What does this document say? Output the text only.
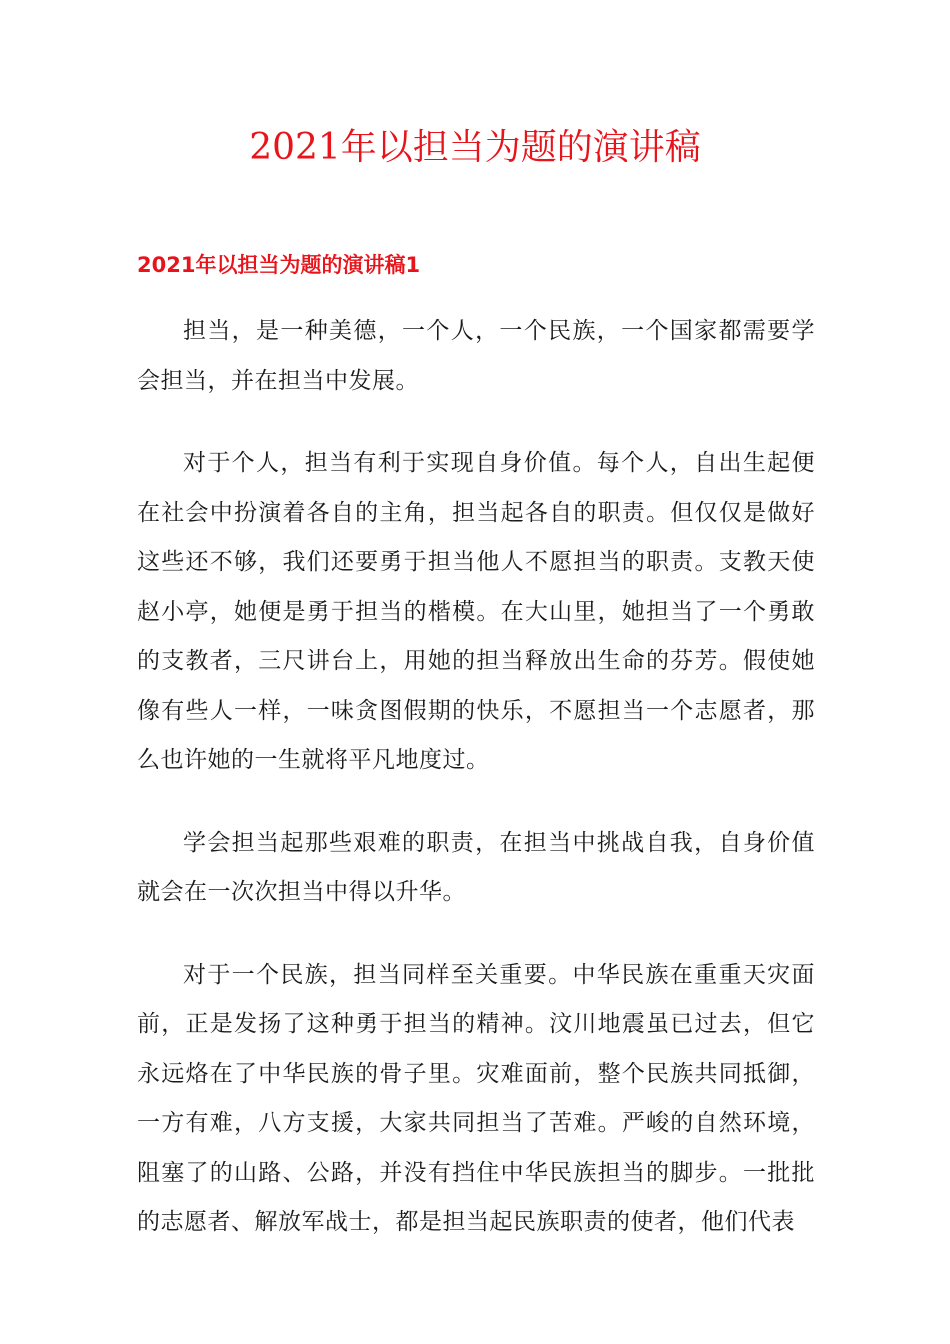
2021年以担当为题的演讲稿
2021年以担当为题的演讲稿1

担当，是一种美德，一个人，一个民族，一个国家都需要学会担当，并在担当中发展。

对于个人，担当有利于实现自身价值。每个人，自出生起便在社会中扮演着各自的主角，担当起各自的职责。但仅仅是做好这些还不够，我们还要勇于担当他人不愿担当的职责。支教天使赵小亭，她便是勇于担当的楷模。在大山里，她担当了一个勇敢的支教者，三尺讲台上，用她的担当释放出生命的芬芳。假使她像有些人一样，一味贪图假期的快乐，不愿担当一个志愿者，那么也许她的一生就将平凡地度过。

学会担当起那些艰难的职责，在担当中挑战自我，自身价值就会在一次次担当中得以升华。

对于一个民族，担当同样至关重要。中华民族在重重天灾面前，正是发扬了这种勇于担当的精神。汶川地震虽已过去，但它永远烙在了中华民族的骨子里。灾难面前，整个民族共同抵御，一方有难，八方支援，大家共同担当了苦难。严峻的自然环境，阻塞了的山路、公路，并没有挡住中华民族担当的脚步。一批批的志愿者、解放军战士，都是担当起民族职责的使者，他们代表
